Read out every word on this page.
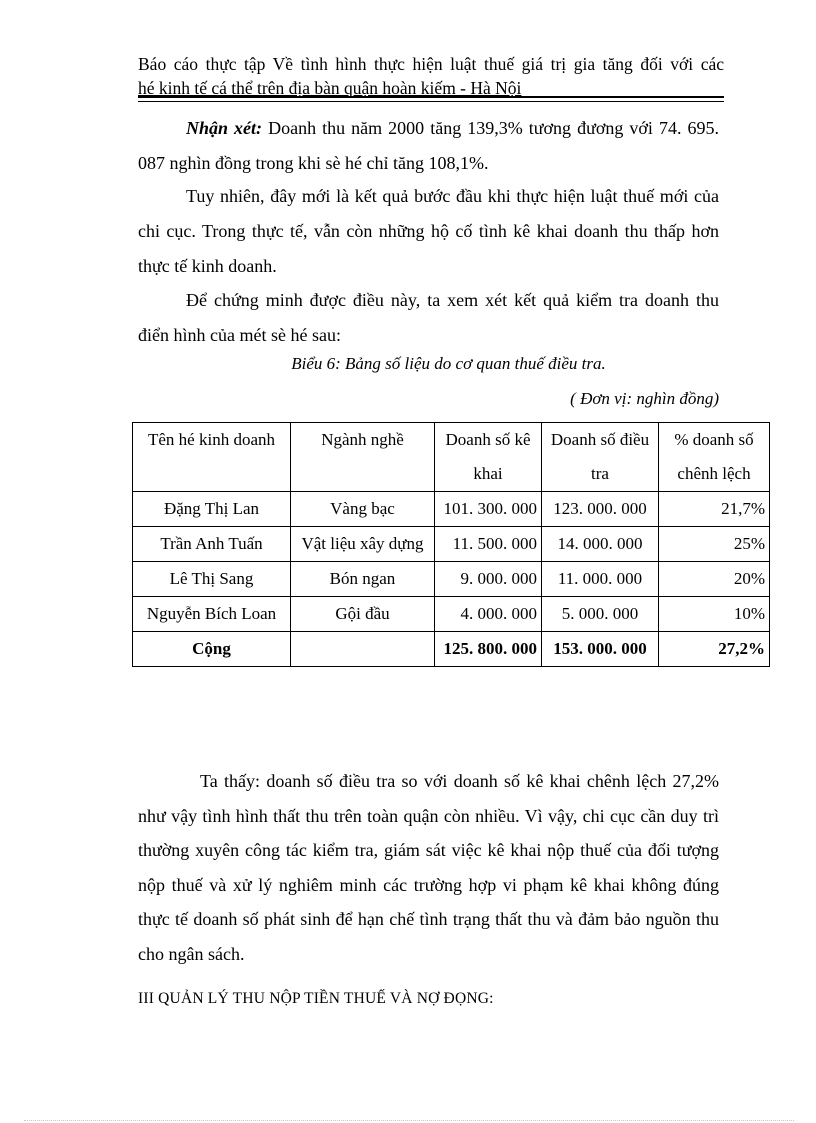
Báo cáo thực tập Về tình hình thực hiện luật thuế giá trị gia tăng đối với các
hé kinh tế cá thể trên địa bàn quận hoàn kiếm - Hà Nội
Nhận xét: Doanh thu năm 2000 tăng 139,3% tương đương với 74. 695. 087 nghìn đồng trong khi sè hé chỉ tăng 108,1%.
Tuy nhiên, đây mới là kết quả bước đầu khi thực hiện luật thuế mới của chi cục. Trong thực tế, vẫn còn những hộ cố tình kê khai doanh thu thấp hơn thực tế kinh doanh.
Để chứng minh được điều này, ta xem xét kết quả kiểm tra doanh thu điển hình của mét sè hé sau:
Biểu 6: Bảng số liệu do cơ quan thuế điều tra.
( Đơn vị: nghìn đồng)
Tên hé kinh doanh	Ngành nghề	Doanh số kê khai	Doanh số điều tra	% doanh số chênh lệch
Đặng Thị Lan	Vàng bạc	101. 300. 000	123. 000. 000	21,7%
Trần Anh Tuấn	Vật liệu xây dựng	11. 500. 000	14. 000. 000	25%
Lê Thị Sang	Bón ngan	9. 000. 000	11. 000. 000	20%
Nguyễn Bích Loan	Gội đầu	4. 000. 000	5. 000. 000	10%
Cộng		125. 800. 000	153. 000. 000	27,2%
Ta thấy: doanh số điều tra so với doanh số kê khai chênh lệch 27,2% như vậy tình hình thất thu trên toàn quận còn nhiều. Vì vậy, chi cục cần duy trì thường xuyên công tác kiểm tra, giám sát việc kê khai nộp thuế của đối tượng nộp thuế và xử lý nghiêm minh các trường hợp vi phạm kê khai không đúng thực tế doanh số phát sinh để hạn chế tình trạng thất thu và đảm bảo nguồn thu cho ngân sách.
III QUẢN LÝ THU NỘP TIỀN THUẾ VÀ NỢ ĐỌNG:
